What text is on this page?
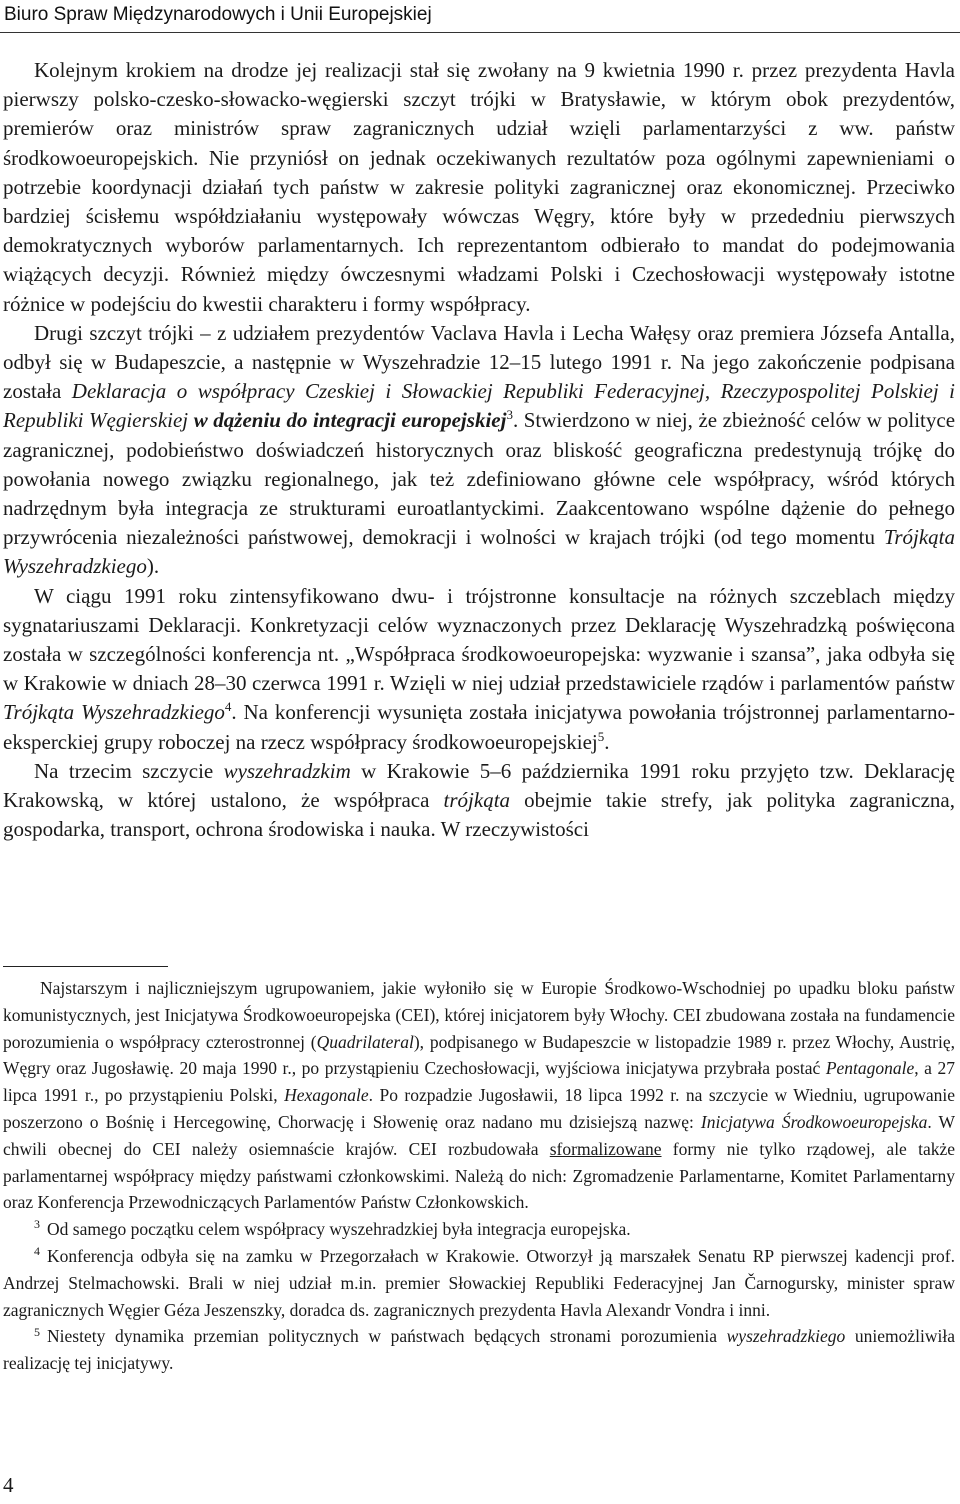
Biuro Spraw Międzynarodowych i Unii Europejskiej

Kolejnym krokiem na drodze jej realizacji stał się zwołany na 9 kwietnia 1990 r. przez prezydenta Havla pierwszy polsko-czesko-słowacko-węgierski szczyt trójki w Bratysławie, w którym obok prezydentów, premierów oraz ministrów spraw zagranicznych udział wzięli parlamentarzyści z ww. państw środkowoeuropejskich. Nie przyniósł on jednak oczekiwanych rezultatów poza ogólnymi zapewnieniami o potrzebie koordynacji działań tych państw w zakresie polityki zagranicznej oraz ekonomicznej. Przeciwko bardziej ścisłemu współdziałaniu występowały wówczas Węgry, które były w przededniu pierwszych demokratycznych wyborów parlamentarnych. Ich reprezentantom odbierało to mandat do podejmowania wiążących decyzji. Również między ówczesnymi władzami Polski i Czechosłowacji występowały istotne różnice w podejściu do kwestii charakteru i formy współpracy.

Drugi szczyt trójki – z udziałem prezydentów Vaclava Havla i Lecha Wałęsy oraz premiera Józsefa Antalla, odbył się w Budapeszcie, a następnie w Wyszehradzie 12–15 lutego 1991 r. Na jego zakończenie podpisana została Deklaracja o współpracy Czeskiej i Słowackiej Republiki Federacyjnej, Rzeczypospolitej Polskiej i Republiki Węgierskiej w dążeniu do integracji europejskiej$^3$. Stwierdzono w niej, że zbieżność celów w polityce zagranicznej, podobieństwo doświadczeń historycznych oraz bliskość geograficzna predestynują trójkę do powołania nowego związku regionalnego, jak też zdefiniowano główne cele współpracy, wśród których nadrzędnym była integracja ze strukturami euroatlantyckimi. Zaakcentowano wspólne dążenie do pełnego przywrócenia niezależności państwowej, demokracji i wolności w krajach trójki (od tego momentu Trójkąta Wyszehradzkiego).

W ciągu 1991 roku zintensyfikowano dwu- i trójstronne konsultacje na różnych szczeblach między sygnatariuszami Deklaracji. Konkretyzacji celów wyznaczonych przez Deklarację Wyszehradzką poświęcona została w szczególności konferencja nt. „Współpraca środkowoeuropejska: wyzwanie i szansa”, jaka odbyła się w Krakowie w dniach 28–30 czerwca 1991 r. Wzięli w niej udział przedstawiciele rządów i parlamentów państw Trójkąta Wyszehradzkiego$^4$. Na konferencji wysunięta została inicjatywa powołania trójstronnej parlamentarno-eksperckiej grupy roboczej na rzecz współpracy środkowoeuropejskiej$^5$.

Na trzecim szczycie wyszehradzkim w Krakowie 5–6 października 1991 roku przyjęto tzw. Deklarację Krakowską, w której ustalono, że współpraca trójkąta obejmie takie strefy, jak polityka zagraniczna, gospodarka, transport, ochrona środowiska i nauka. W rzeczywistości

Najstarszym i najliczniejszym ugrupowaniem, jakie wyłoniło się w Europie Środkowo-Wschodniej po upadku bloku państw komunistycznych, jest Inicjatywa Środkowoeuropejska (CEI), której inicjatorem były Włochy. CEI zbudowana została na fundamencie porozumienia o współpracy czterostronnej (Quadrilateral), podpisanego w Budapeszcie w listopadzie 1989 r. przez Włochy, Austrię, Węgry oraz Jugosławię. 20 maja 1990 r., po przystąpieniu Czechosłowacji, wyjściowa inicjatywa przybrała postać Pentagonale, a 27 lipca 1991 r., po przystąpieniu Polski, Hexagonale. Po rozpadzie Jugosławii, 18 lipca 1992 r. na szczycie w Wiedniu, ugrupowanie poszerzono o Bośnię i Hercegowinę, Chorwację i Słowenię oraz nadano mu dzisiejszą nazwę: Inicjatywa Środkowoeuropejska. W chwili obecnej do CEI należy osiemnaście krajów. CEI rozbudowała sformalizowane formy nie tylko rządowej, ale także parlamentarnej współpracy między państwami członkowskimi. Należą do nich: Zgromadzenie Parlamentarne, Komitet Parlamentarny oraz Konferencja Przewodniczących Parlamentów Państw Członkowskich.

$^3$ Od samego początku celem współpracy wyszehradzkiej była integracja europejska.

$^4$ Konferencja odbyła się na zamku w Przegorzałach w Krakowie. Otworzył ją marszałek Senatu RP pierwszej kadencji prof. Andrzej Stelmachowski. Brali w niej udział m.in. premier Słowackiej Republiki Federacyjnej Jan Čarnogursky, minister spraw zagranicznych Węgier Géza Jeszenszky, doradca ds. zagranicznych prezydenta Havla Alexandr Vondra i inni.

$^5$ Niestety dynamika przemian politycznych w państwach będących stronami porozumienia wyszehradzkiego uniemożliwiła realizację tej inicjatywy.

4
